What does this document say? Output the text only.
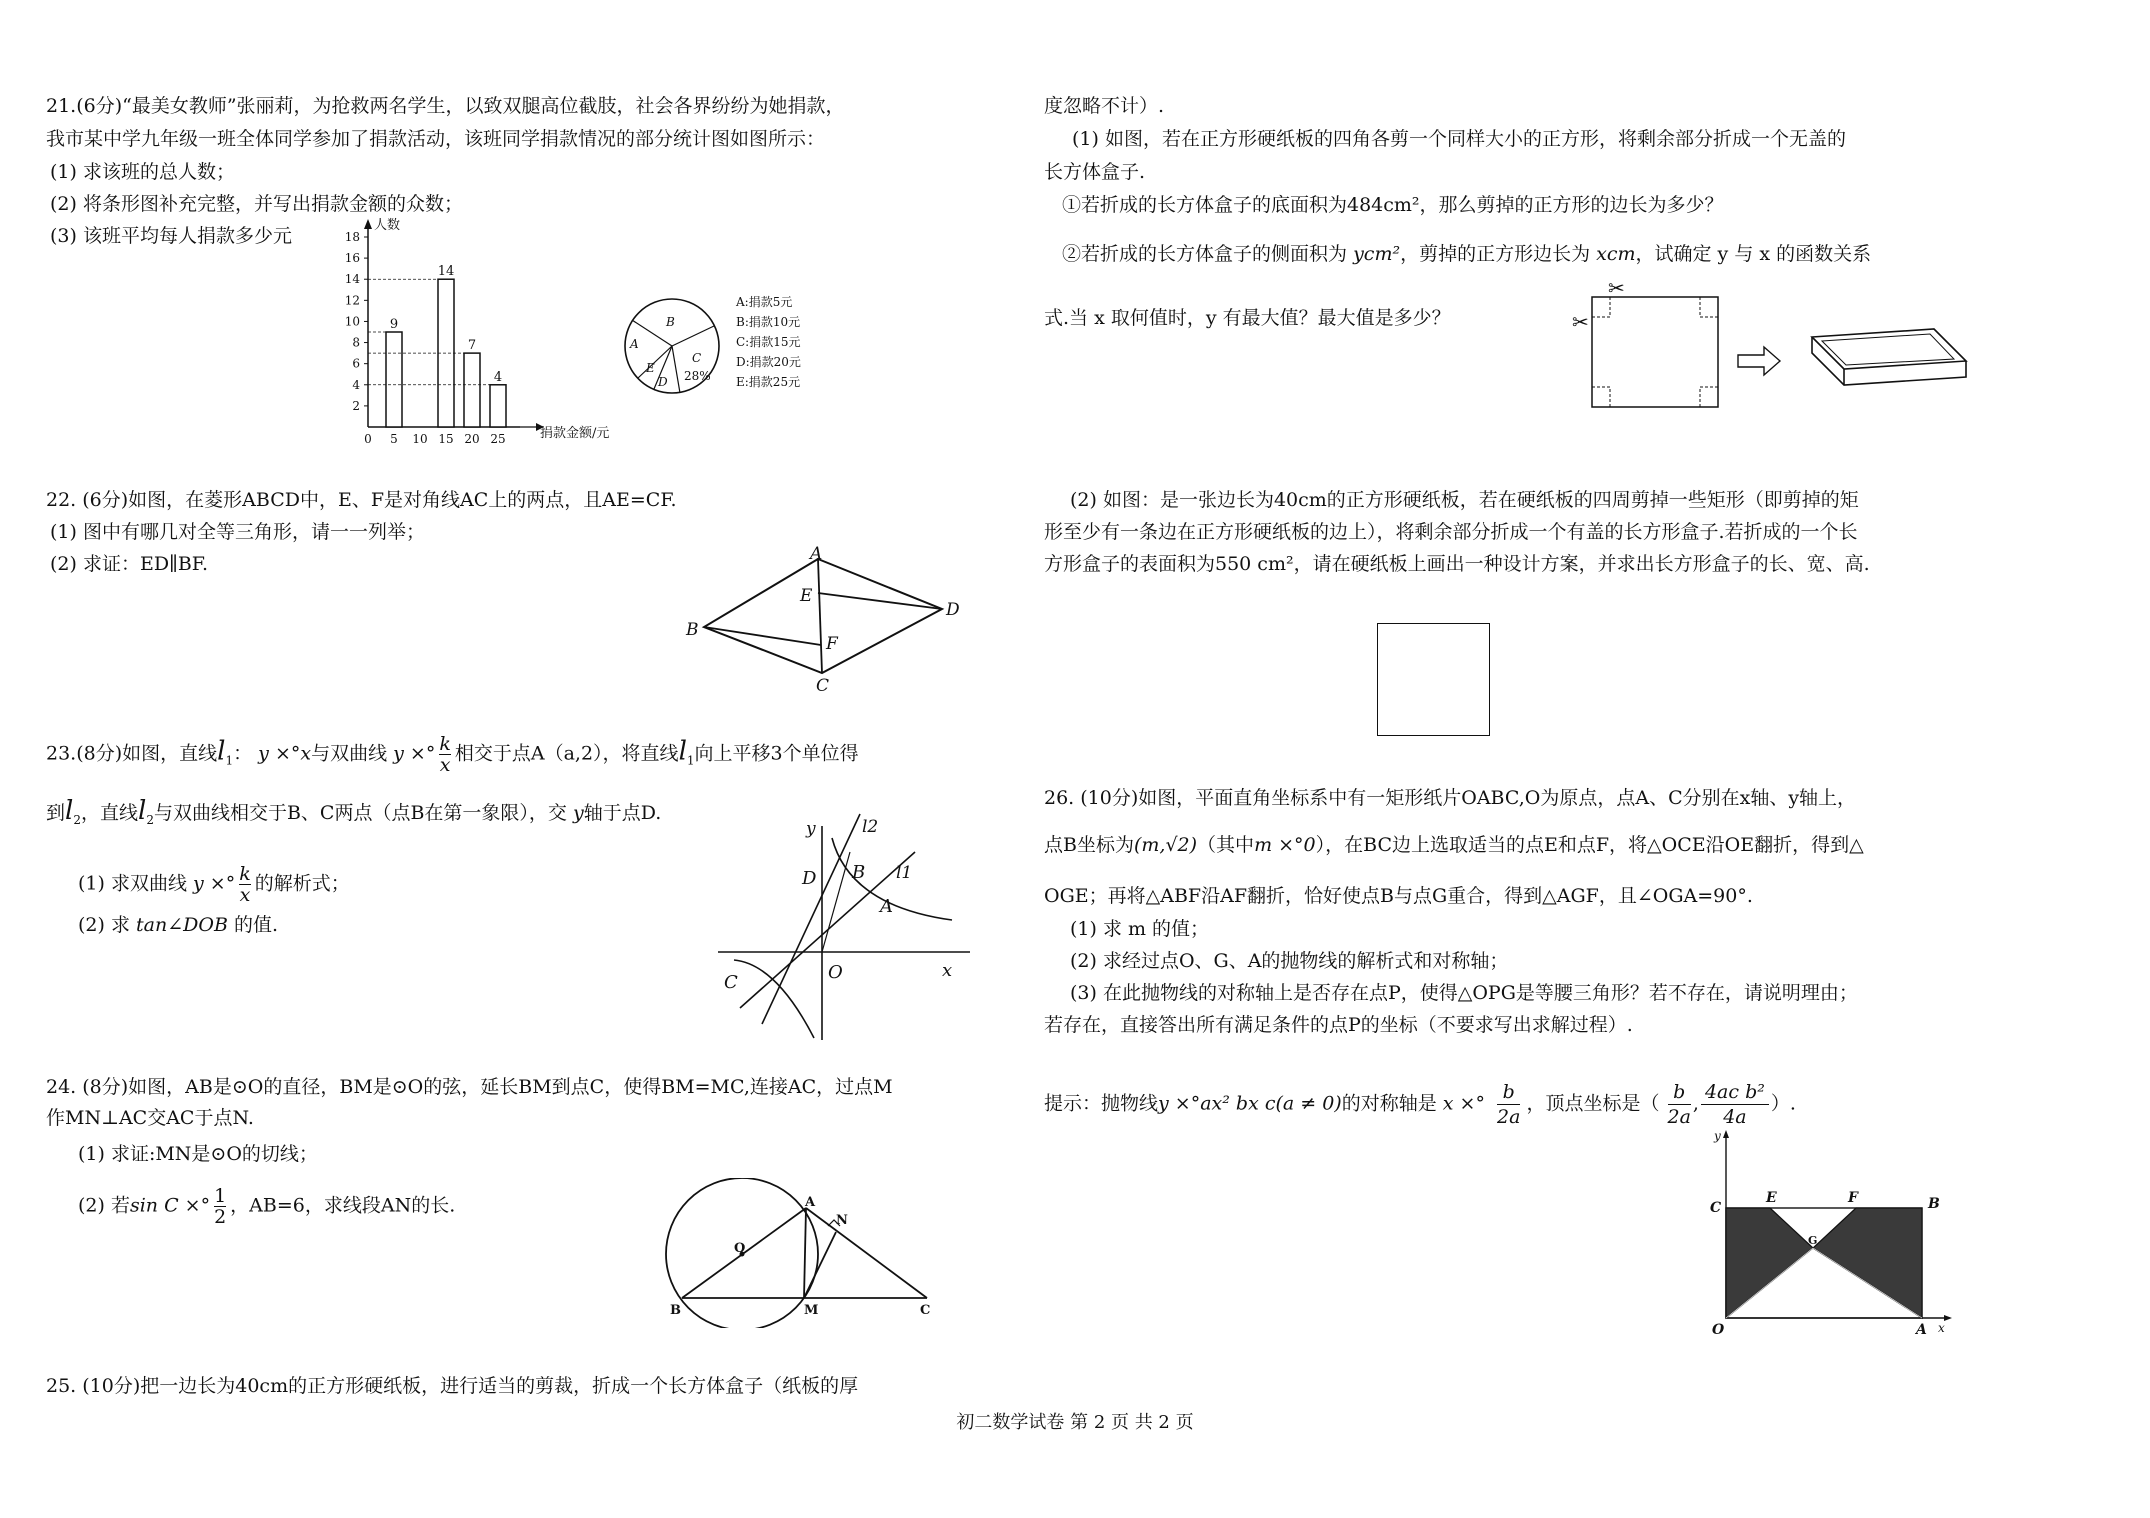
21.(6分)“最美女教师”张丽莉，为抢救两名学生，以致双腿高位截肢，社会各界纷纷为她捐款，
我市某中学九年级一班全体同学参加了捐款活动，该班同学捐款情况的部分统计图如图所示：
(1) 求该班的总人数；
(2) 将条形图补充完整，并写出捐款金额的众数；
(3) 该班平均每人捐款多少元
2
4
6
8
10
12
14
16
18
0 5 10 15 20 25
9
14
7
4
人数
捐款金额/元
A
B
C
E
D 28%
A:捐款5元
B:捐款10元
C:捐款15元
D:捐款20元
E:捐款25元
22. (6分)如图，在菱形ABCD中，E、F是对角线AC上的两点，且AE=CF.
(1) 图中有哪几对全等三角形，请一一列举；
(2) 求证：ED∥BF.	A
E
D
B
F
C
23.(8分)如图，直线$l_1$： y ×°x与双曲线 y ×° $\frac{k}{x}$ 相交于点A（a,2），将直线$l_1$向上平移3个单位得
到$l_2$，直线$l_2$与双曲线相交于B、C两点（点B在第一象限），交 y轴于点D.
(1) 求双曲线 y ×° $\frac{k}{x}$ 的解析式；
(2) 求 tan∠DOB 的值.
y	l2
D B l1
A
C	O	x
24. (8分)如图，AB是⊙O的直径，BM是⊙O的弦，延长BM到点C，使得BM=MC,连接AC，过点M
作MN⊥AC交AC于点N.
(1) 求证:MN是⊙O的切线；
(2) 若sin C ×° $\frac{1}{2}$ ，AB=6，求线段AN的长.
O
A
N
B	M	C
25. (10分)把一边长为40cm的正方形硬纸板，进行适当的剪裁，折成一个长方体盒子（纸板的厚
度忽略不计）.
(1) 如图，若在正方形硬纸板的四角各剪一个同样大小的正方形，将剩余部分折成一个无盖的
长方体盒子.
①若折成的长方体盒子的底面积为484cm²，那么剪掉的正方形的边长为多少？
②若折成的长方体盒子的侧面积为 ycm²，剪掉的正方形边长为 xcm，试确定 y 与 x 的函数关系
式.当 x 取何值时，y 有最大值？最大值是多少？
✂
✂
(2) 如图：是一张边长为40cm的正方形硬纸板，若在硬纸板的四周剪掉一些矩形（即剪掉的矩
形至少有一条边在正方形硬纸板的边上），将剩余部分折成一个有盖的长方形盒子.若折成的一个长
方形盒子的表面积为550 cm²，请在硬纸板上画出一种设计方案，并求出长方形盒子的长、宽、高.
26. (10分)如图，平面直角坐标系中有一矩形纸片OABC,O为原点，点A、C分别在x轴、y轴上，
点B坐标为(m,√2)（其中m ×°0），在BC边上选取适当的点E和点F，将△OCE沿OE翻折，得到△
OGE；再将△ABF沿AF翻折，恰好使点B与点G重合，得到△AGF，且∠OGA=90°.
(1) 求 m 的值；
(2) 求经过点O、G、A的抛物线的解析式和对称轴；
(3) 在此抛物线的对称轴上是否存在点P，使得△OPG是等腰三角形？若不存在，请说明理由；
若存在，直接答出所有满足条件的点P的坐标（不要求写出求解过程）.
提示：抛物线y ×°ax² bx c(a ≠ 0)的对称轴是 x ×° $\frac{b}{2a}$ ，顶点坐标是（ $\frac{b}{2a}$ , $\frac{\text{4ac b²}}{4a}$ ）.
y
C
E	F	B
G
O	A x
初二数学试卷 第 2 页 共 2 页
